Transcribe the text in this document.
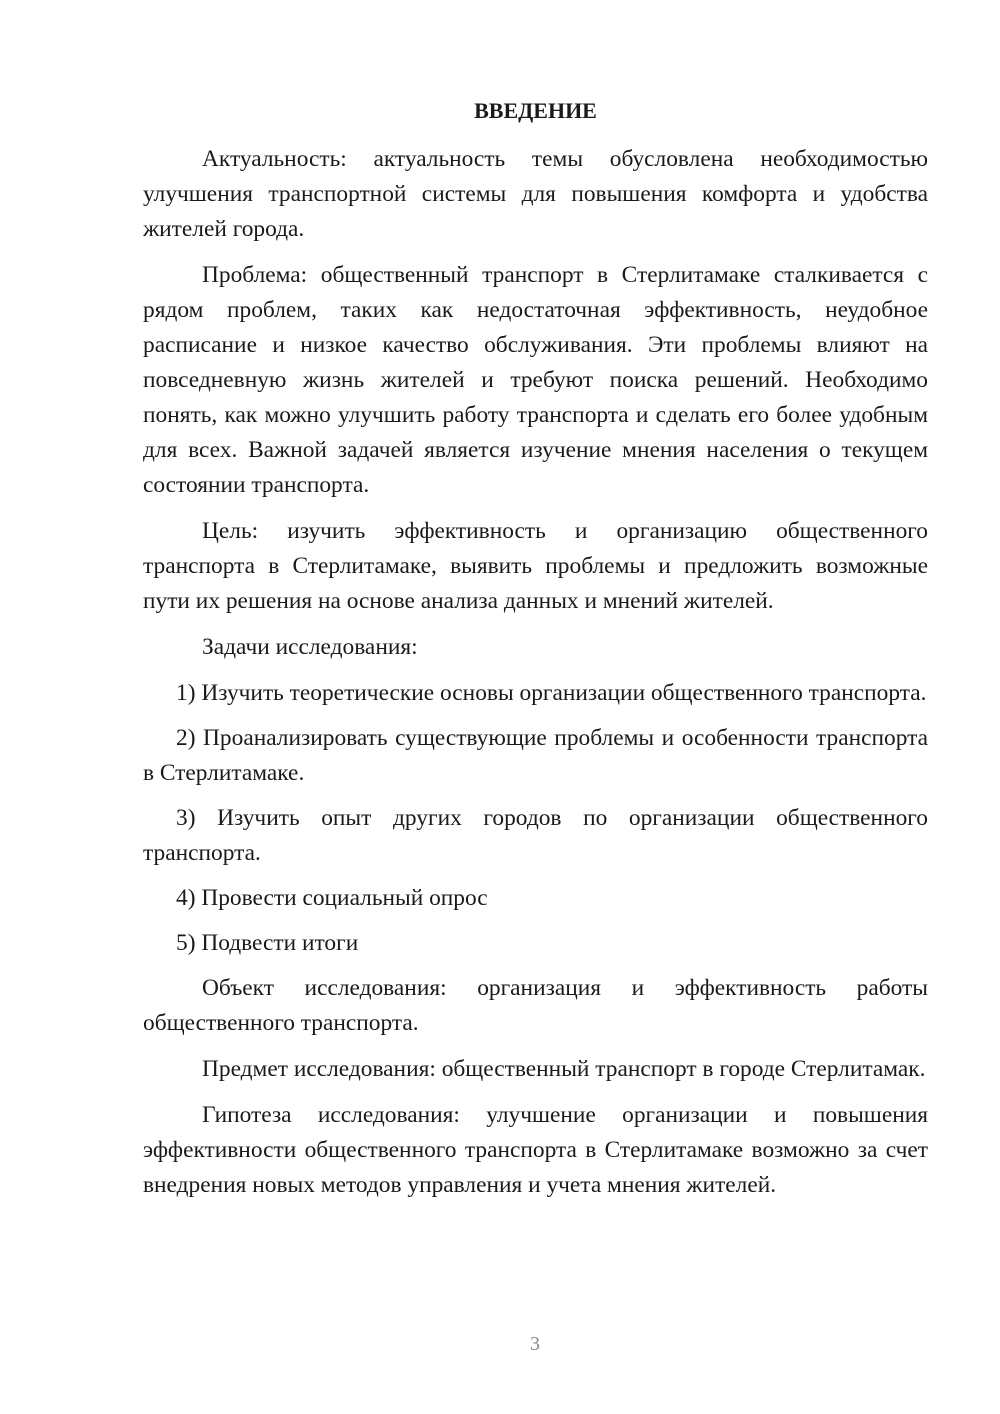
ВВЕДЕНИЕ

Актуальность: актуальность темы обусловлена необходимостью улучшения транспортной системы для повышения комфорта и удобства жителей города.

Проблема: общественный транспорт в Стерлитамаке сталкивается с рядом проблем, таких как недостаточная эффективность, неудобное расписание и низкое качество обслуживания. Эти проблемы влияют на повседневную жизнь жителей и требуют поиска решений. Необходимо понять, как можно улучшить работу транспорта и сделать его более удобным для всех. Важной задачей является изучение мнения населения о текущем состоянии транспорта.

Цель: изучить эффективность и организацию общественного транспорта в Стерлитамаке, выявить проблемы и предложить возможные пути их решения на основе анализа данных и мнений жителей.

Задачи исследования:

1) Изучить теоретические основы организации общественного транспорта.

2) Проанализировать существующие проблемы и особенности транспорта в Стерлитамаке.

3) Изучить опыт других городов по организации общественного транспорта.

4) Провести социальный опрос

5) Подвести итоги

Объект исследования: организация и эффективность работы общественного транспорта.

Предмет исследования: общественный транспорт в городе Стерлитамак.

Гипотеза исследования: улучшение организации и повышения эффективности общественного транспорта в Стерлитамаке возможно за счет внедрения новых методов управления и учета мнения жителей.

3
